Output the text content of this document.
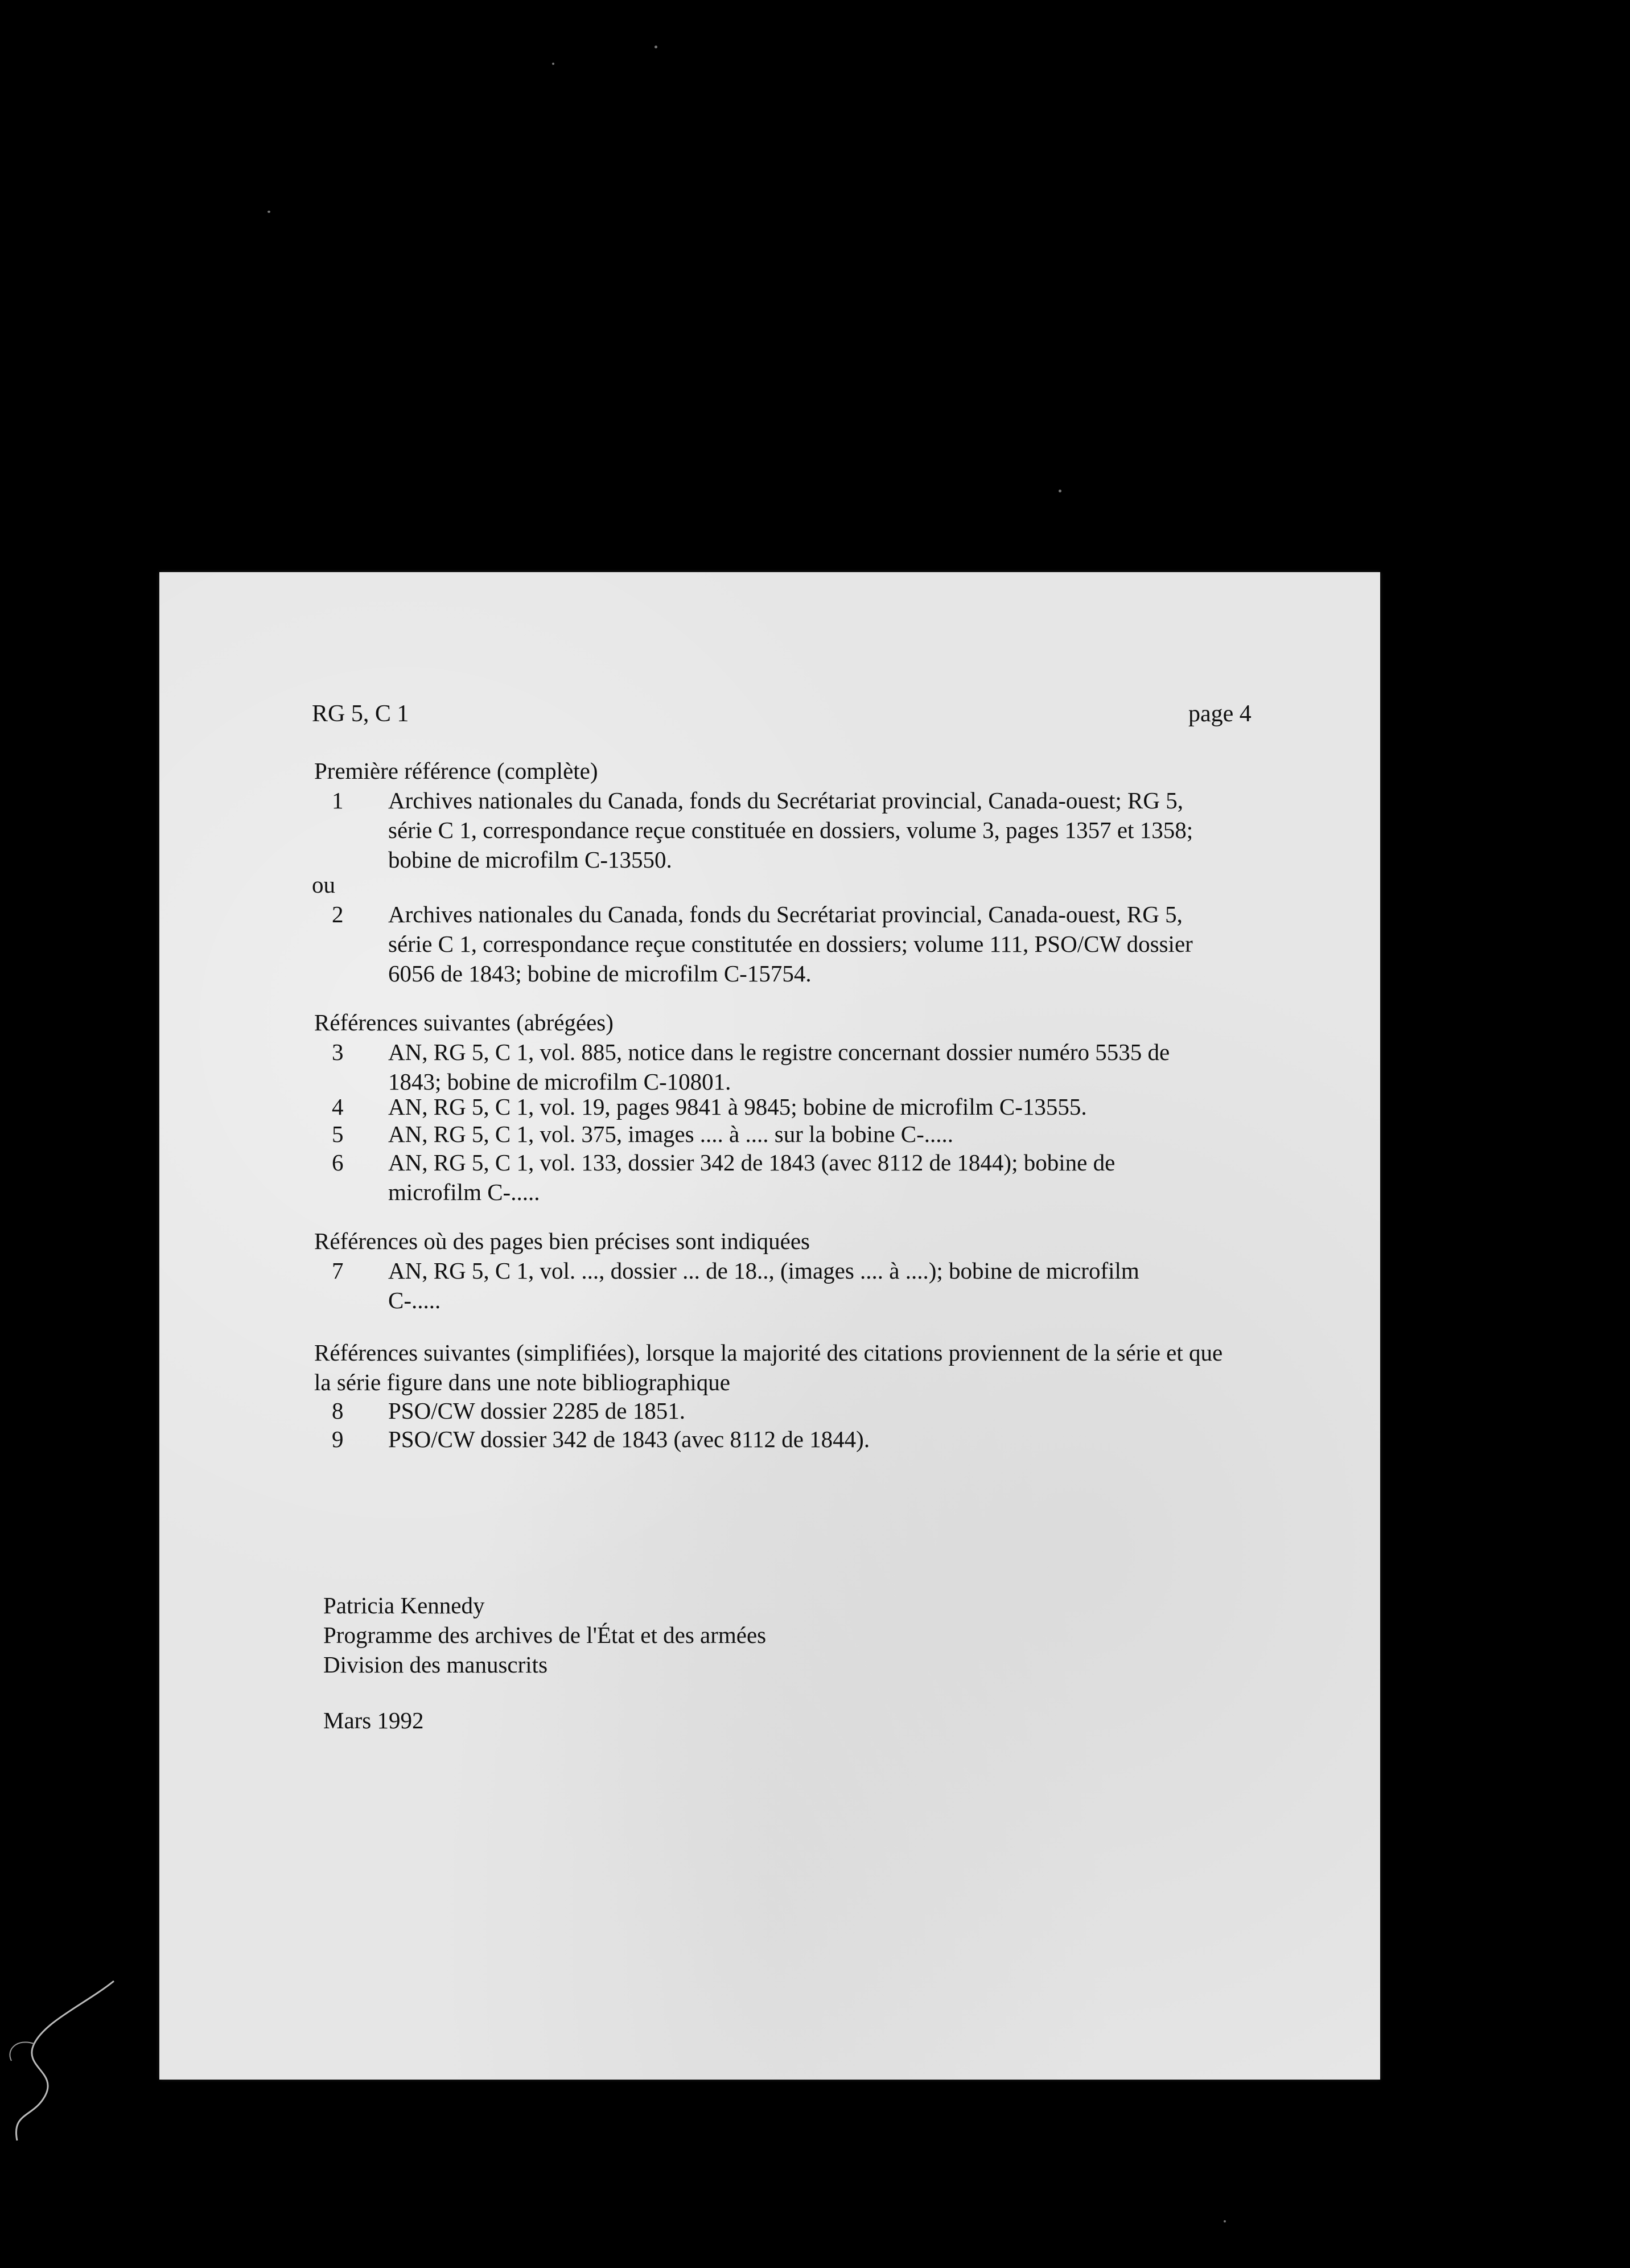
RG 5, C 1	page 4
Première référence (complète)
1 Archives nationales du Canada, fonds du Secrétariat provincial, Canada-ouest; RG 5,
série C 1, correspondance reçue constituée en dossiers, volume 3, pages 1357 et 1358;
bobine de microfilm C-13550.
ou
2 Archives nationales du Canada, fonds du Secrétariat provincial, Canada-ouest, RG 5,
série C 1, correspondance reçue constitutée en dossiers; volume 111, PSO/CW dossier
6056 de 1843; bobine de microfilm C-15754.
Références suivantes (abrégées)
3 AN, RG 5, C 1, vol. 885, notice dans le registre concernant dossier numéro 5535 de
1843; bobine de microfilm C-10801.
4 AN, RG 5, C 1, vol. 19, pages 9841 à 9845; bobine de microfilm C-13555.
5 AN, RG 5, C 1, vol. 375, images .... à .... sur la bobine C-.....
6 AN, RG 5, C 1, vol. 133, dossier 342 de 1843 (avec 8112 de 1844); bobine de
microfilm C-.....
Références où des pages bien précises sont indiquées
7 AN, RG 5, C 1, vol. ..., dossier ... de 18.., (images .... à ....); bobine de microfilm
C-.....
Références suivantes (simplifiées), lorsque la majorité des citations proviennent de la série et que
la série figure dans une note bibliographique
8 PSO/CW dossier 2285 de 1851.
9 PSO/CW dossier 342 de 1843 (avec 8112 de 1844).
Patricia Kennedy
Programme des archives de l'État et des armées
Division des manuscrits
Mars 1992
